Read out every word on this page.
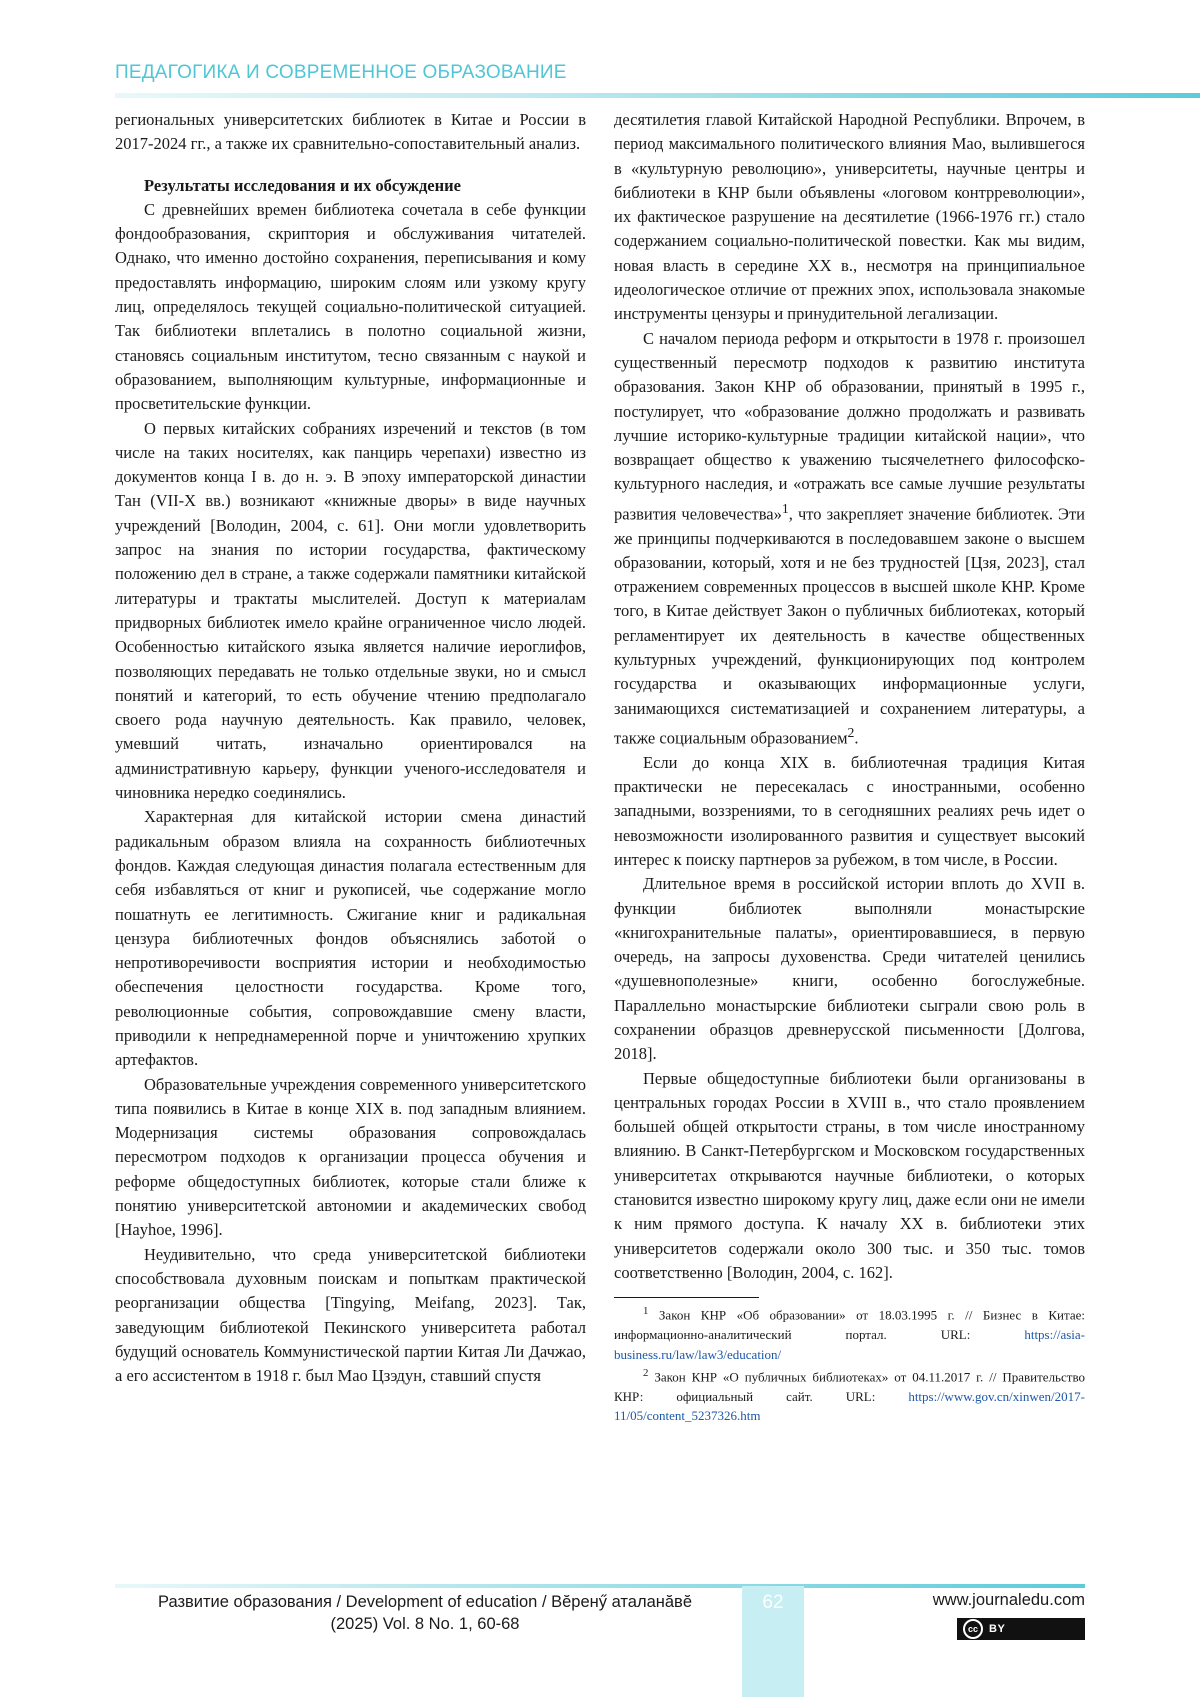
ПЕДАГОГИКА И СОВРЕМЕННОЕ ОБРАЗОВАНИЕ

региональных университетских библиотек в Китае и России в 2017-2024 гг., а также их сравнительно-сопоставительный анализ.

Результаты исследования и их обсуждение

С древнейших времен библиотека сочетала в себе функции фондообразования, скриптория и обслуживания читателей. Однако, что именно достойно сохранения, переписывания и кому предоставлять информацию, широким слоям или узкому кругу лиц, определялось текущей социально-политической ситуацией. Так библиотеки вплетались в полотно социальной жизни, становясь социальным институтом, тесно связанным с наукой и образованием, выполняющим культурные, информационные и просветительские функции.

О первых китайских собраниях изречений и текстов (в том числе на таких носителях, как панцирь черепахи) известно из документов конца I в. до н. э. В эпоху императорской династии Тан (VII-X вв.) возникают «книжные дворы» в виде научных учреждений [Володин, 2004, с. 61]. Они могли удовлетворить запрос на знания по истории государства, фактическому положению дел в стране, а также содержали памятники китайской литературы и трактаты мыслителей. Доступ к материалам придворных библиотек имело крайне ограниченное число людей. Особенностью китайского языка является наличие иероглифов, позволяющих передавать не только отдельные звуки, но и смысл понятий и категорий, то есть обучение чтению предполагало своего рода научную деятельность. Как правило, человек, умевший читать, изначально ориентировался на административную карьеру, функции ученого-исследователя и чиновника нередко соединялись.

Характерная для китайской истории смена династий радикальным образом влияла на сохранность библиотечных фондов. Каждая следующая династия полагала естественным для себя избавляться от книг и рукописей, чье содержание могло пошатнуть ее легитимность. Сжигание книг и радикальная цензура библиотечных фондов объяснялись заботой о непротиворечивости восприятия истории и необходимостью обеспечения целостности государства. Кроме того, революционные события, сопровождавшие смену власти, приводили к непреднамеренной порче и уничтожению хрупких артефактов.

Образовательные учреждения современного университетского типа появились в Китае в конце XIX в. под западным влиянием. Модернизация системы образования сопровождалась пересмотром подходов к организации процесса обучения и реформе общедоступных библиотек, которые стали ближе к понятию университетской автономии и академических свобод [Hayhoe, 1996].

Неудивительно, что среда университетской библиотеки способствовала духовным поискам и попыткам практической реорганизации общества [Tingying, Meifang, 2023]. Так, заведующим библиотекой Пекинского университета работал будущий основатель Коммунистической партии Китая Ли Дачжао, а его ассистентом в 1918 г. был Мао Цзэдун, ставший спустя

десятилетия главой Китайской Народной Республики. Впрочем, в период максимального политического влияния Мао, вылившегося в «культурную революцию», университеты, научные центры и библиотеки в КНР были объявлены «логовом контрреволюции», их фактическое разрушение на десятилетие (1966-1976 гг.) стало содержанием социально-политической повестки. Как мы видим, новая власть в середине XX в., несмотря на принципиальное идеологическое отличие от прежних эпох, использовала знакомые инструменты цензуры и принудительной легализации.

С началом периода реформ и открытости в 1978 г. произошел существенный пересмотр подходов к развитию института образования. Закон КНР об образовании, принятый в 1995 г., постулирует, что «образование должно продолжать и развивать лучшие историко-культурные традиции китайской нации», что возвращает общество к уважению тысячелетнего философско-культурного наследия, и «отражать все самые лучшие результаты развития человечества»$^1$, что закрепляет значение библиотек. Эти же принципы подчеркиваются в последовавшем законе о высшем образовании, который, хотя и не без трудностей [Цзя, 2023], стал отражением современных процессов в высшей школе КНР. Кроме того, в Китае действует Закон о публичных библиотеках, который регламентирует их деятельность в качестве общественных культурных учреждений, функционирующих под контролем государства и оказывающих информационные услуги, занимающихся систематизацией и сохранением литературы, а также социальным образованием$^2$.

Если до конца XIX в. библиотечная традиция Китая практически не пересекалась с иностранными, особенно западными, воззрениями, то в сегодняшних реалиях речь идет о невозможности изолированного развития и существует высокий интерес к поиску партнеров за рубежом, в том числе, в России.

Длительное время в российской истории вплоть до XVII в. функции библиотек выполняли монастырские «книгохранительные палаты», ориентировавшиеся, в первую очередь, на запросы духовенства. Среди читателей ценились «душевнополезные» книги, особенно богослужебные. Параллельно монастырские библиотеки сыграли свою роль в сохранении образцов древнерусской письменности [Долгова, 2018].

Первые общедоступные библиотеки были организованы в центральных городах России в XVIII в., что стало проявлением большей общей открытости страны, в том числе иностранному влиянию. В Санкт-Петербургском и Московском государственных университетах открываются научные библиотеки, о которых становится известно широкому кругу лиц, даже если они не имели к ним прямого доступа. К началу XX в. библиотеки этих университетов содержали около 300 тыс. и 350 тыс. томов соответственно [Володин, 2004, с. 162].

$^1$ Закон КНР «Об образовании» от 18.03.1995 г. // Бизнес в Китае: информационно-аналитический портал. URL: https://asia-business.ru/law/law3/education/

$^2$ Закон КНР «О публичных библиотеках» от 04.11.2017 г. // Правительство КНР: официальный сайт. URL: https://www.gov.cn/xinwen/2017-11/05/content_5237326.htm

Развитие образования / Development of education / Вĕренӳ аталанăвĕ
(2025) Vol. 8 No. 1, 60-68
62	www.journaledu.com
cc	BY
